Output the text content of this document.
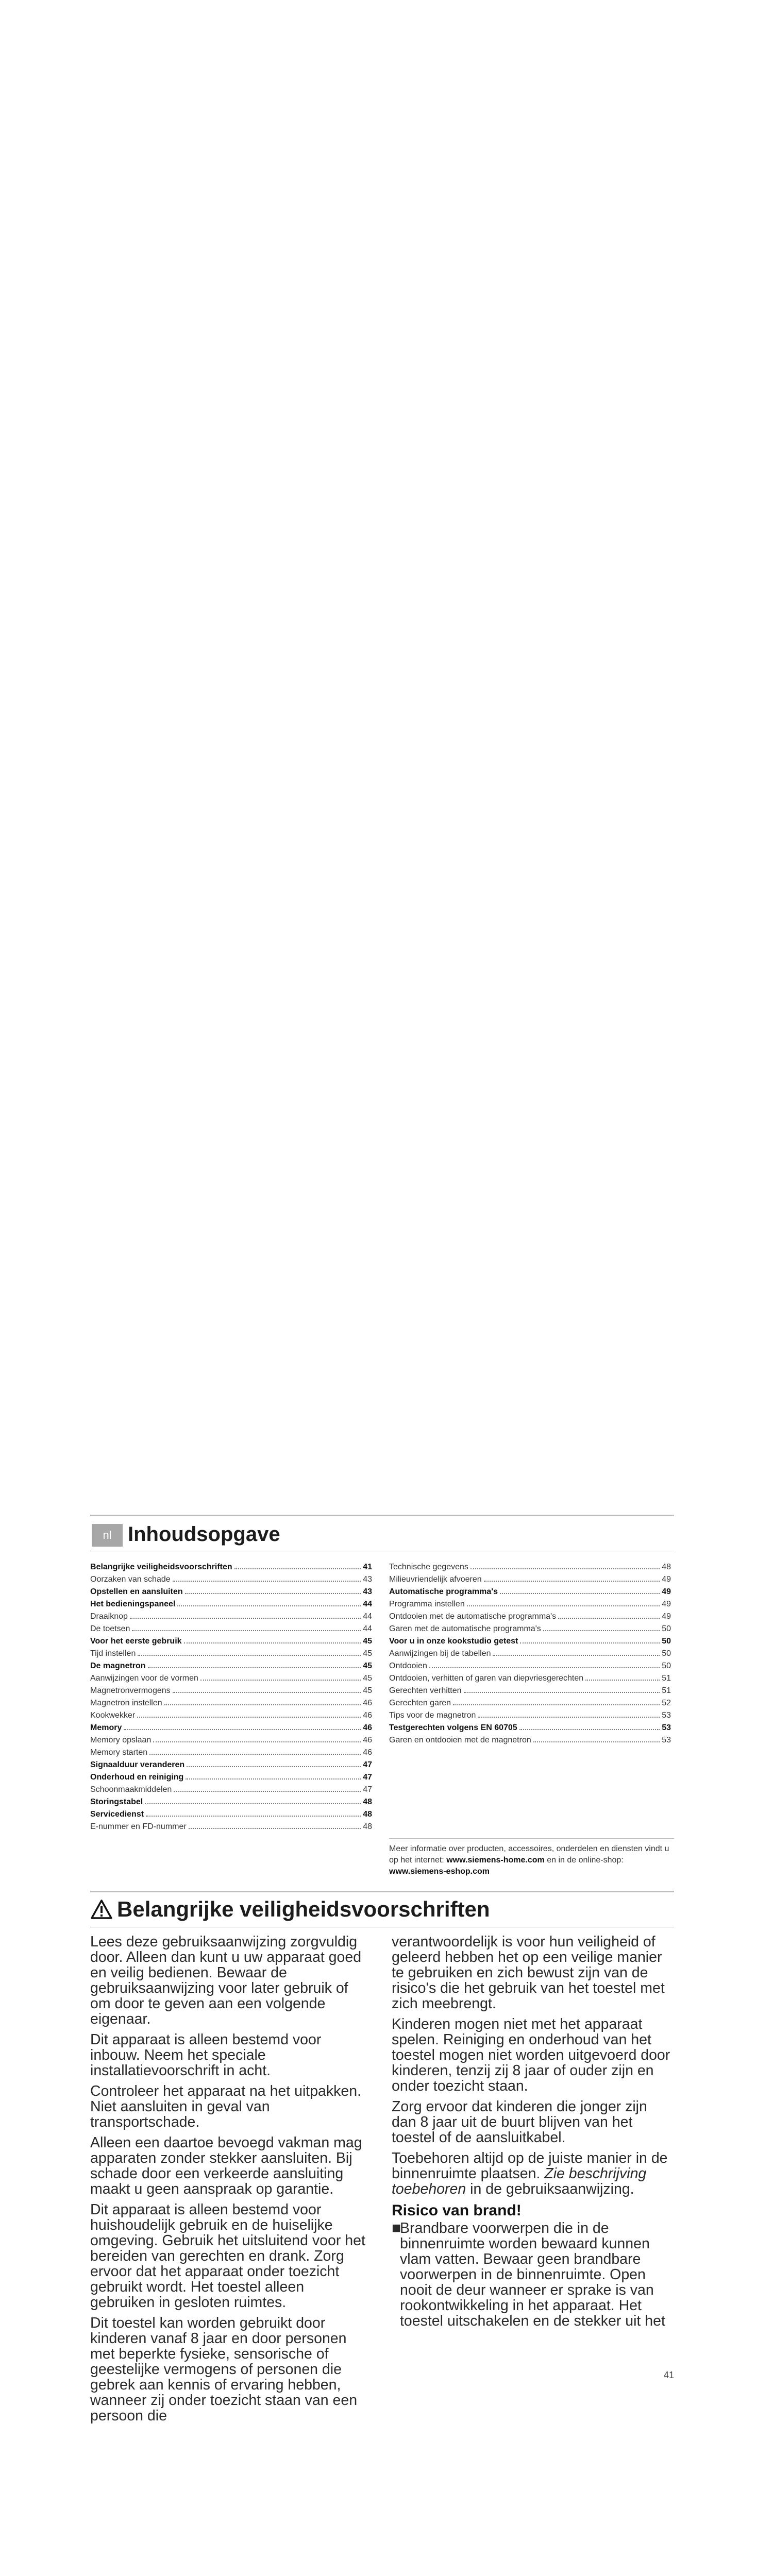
nl Inhoudsopgave
Belangrijke veiligheidsvoorschriften	41
Oorzaken van schade	43
Opstellen en aansluiten	43
Het bedieningspaneel	44
Draaiknop	44
De toetsen	44
Voor het eerste gebruik	45
Tijd instellen	45
De magnetron	45
Aanwijzingen voor de vormen	45
Magnetronvermogens	45
Magnetron instellen	46
Kookwekker	46
Memory	46
Memory opslaan	46
Memory starten	46
Signaalduur veranderen	47
Onderhoud en reiniging	47
Schoonmaakmiddelen	47
Storingstabel	48
Servicedienst	48
E-nummer en FD-nummer	48
Technische gegevens	48
Milieuvriendelijk afvoeren	49
Automatische programma's	49
Programma instellen	49
Ontdooien met de automatische programma's	49
Garen met de automatische programma's	50
Voor u in onze kookstudio getest	50
Aanwijzingen bij de tabellen	50
Ontdooien	50
Ontdooien, verhitten of garen van diepvriesgerechten	51
Gerechten verhitten	51
Gerechten garen	52
Tips voor de magnetron	53
Testgerechten volgens EN 60705	53
Garen en ontdooien met de magnetron	53
Meer informatie over producten, accessoires, onderdelen en diensten vindt u op het internet: www.siemens-home.com en in de online-shop: www.siemens-eshop.com
Belangrijke veiligheidsvoorschriften

Lees deze gebruiksaanwijzing zorgvuldig door. Alleen dan kunt u uw apparaat goed en veilig bedienen. Bewaar de gebruiksaanwijzing voor later gebruik of om door te geven aan een volgende eigenaar.

Dit apparaat is alleen bestemd voor inbouw. Neem het speciale installatievoorschrift in acht.

Controleer het apparaat na het uitpakken. Niet aansluiten in geval van transportschade.

Alleen een daartoe bevoegd vakman mag apparaten zonder stekker aansluiten. Bij schade door een verkeerde aansluiting maakt u geen aanspraak op garantie.

Dit apparaat is alleen bestemd voor huishoudelijk gebruik en de huiselijke omgeving. Gebruik het uitsluitend voor het bereiden van gerechten en drank. Zorg ervoor dat het apparaat onder toezicht gebruikt wordt. Het toestel alleen gebruiken in gesloten ruimtes.

Dit toestel kan worden gebruikt door kinderen vanaf 8 jaar en door personen met beperkte fysieke, sensorische of geestelijke vermogens of personen die gebrek aan kennis of ervaring hebben, wanneer zij onder toezicht staan van een persoon die

verantwoordelijk is voor hun veiligheid of geleerd hebben het op een veilige manier te gebruiken en zich bewust zijn van de risico's die het gebruik van het toestel met zich meebrengt.

Kinderen mogen niet met het apparaat spelen. Reiniging en onderhoud van het toestel mogen niet worden uitgevoerd door kinderen, tenzij zij 8 jaar of ouder zijn en onder toezicht staan.

Zorg ervoor dat kinderen die jonger zijn dan 8 jaar uit de buurt blijven van het toestel of de aansluitkabel.

Toebehoren altijd op de juiste manier in de binnenruimte plaatsen. Zie beschrijving toebehoren in de gebruiksaanwijzing.

Risico van brand!
■
Brandbare voorwerpen die in de binnenruimte worden bewaard kunnen vlam vatten. Bewaar geen brandbare voorwerpen in de binnenruimte. Open nooit de deur wanneer er sprake is van rookontwikkeling in het apparaat. Het toestel uitschakelen en de stekker uit het
41
